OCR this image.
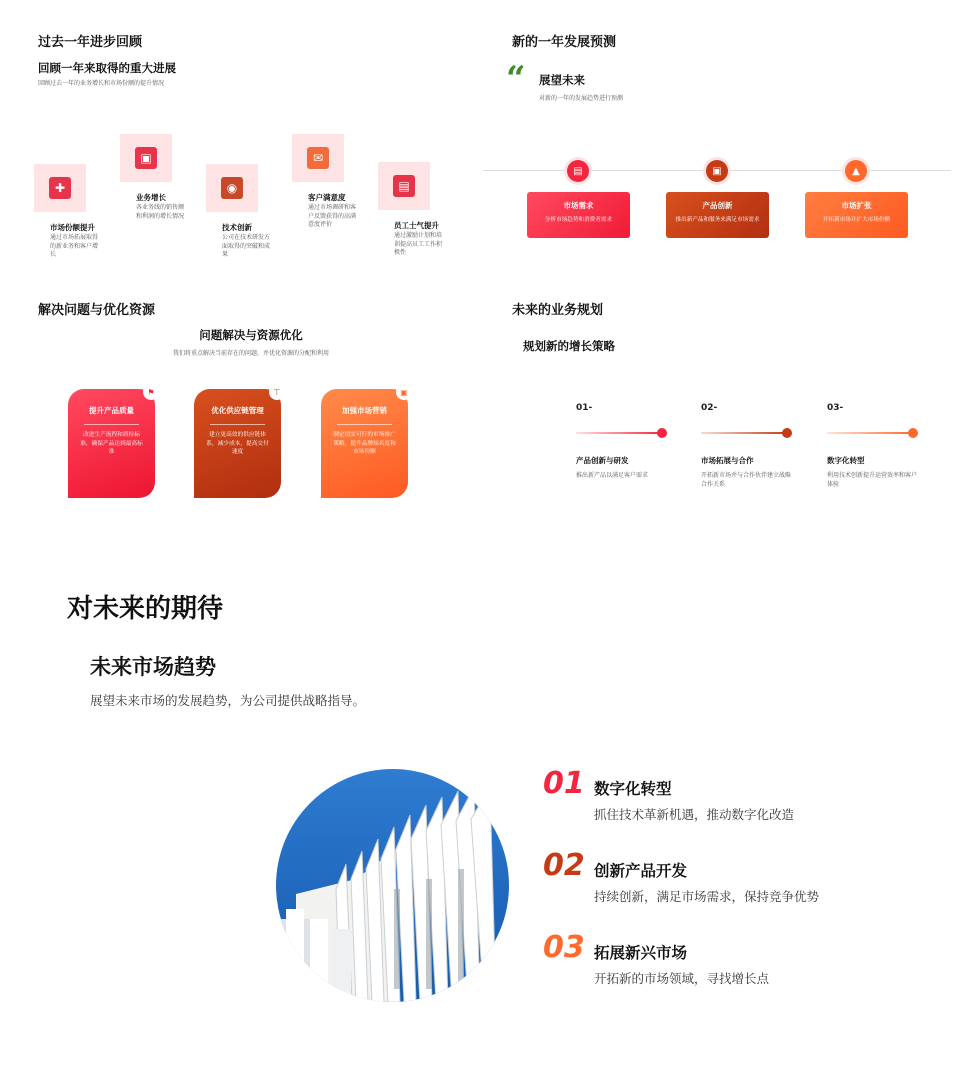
过去一年进步回顾
回顾一年来取得的重大进展
回顾过去一年的业务增长和市场份额的提升情况
✚
市场份额提升
通过市场拓展取得的新业务和客户增长
▣
业务增长
各业务线的销售额和利润的增长情况
◉
技术创新
公司在技术研发方面取得的突破和成果
✉
客户满意度
通过市场调研和客户反馈获得的高满意度评价
▤
员工士气提升
通过激励计划和培训提高员工工作积极性
新的一年发展预测
“ 展望未来
对新的一年的发展趋势进行预测
▤	▣	▲
市场需求
分析市场趋势和消费者需求
产品创新
推出新产品和服务来满足市场需求
市场扩张
开拓新市场并扩大市场份额
解决问题与优化资源
问题解决与资源优化
我们将重点解决当前存在的问题，并优化资源的分配和利用
⚑
提升产品质量
改进生产流程和质检标准，确保产品达到最高标准
⊤
优化供应链管理
建立更高效的供应链体系，减少成本，提高交付速度
▣
加强市场营销
制定切实可行的市场推广策略，提升品牌知名度和市场份额
未来的业务规划
规划新的增长策略
01-
产品创新与研发
推出新产品以满足客户需求
02-
市场拓展与合作
开拓新市场并与合作伙伴建立战略合作关系
03-
数字化转型
利用技术创新提升运营效率和客户体验
对未来的期待
未来市场趋势
展望未来市场的发展趋势，为公司提供战略指导。
01 数字化转型
抓住技术革新机遇，推动数字化改造
02 创新产品开发
持续创新，满足市场需求，保持竞争优势
03 拓展新兴市场
开拓新的市场领域，寻找增长点
